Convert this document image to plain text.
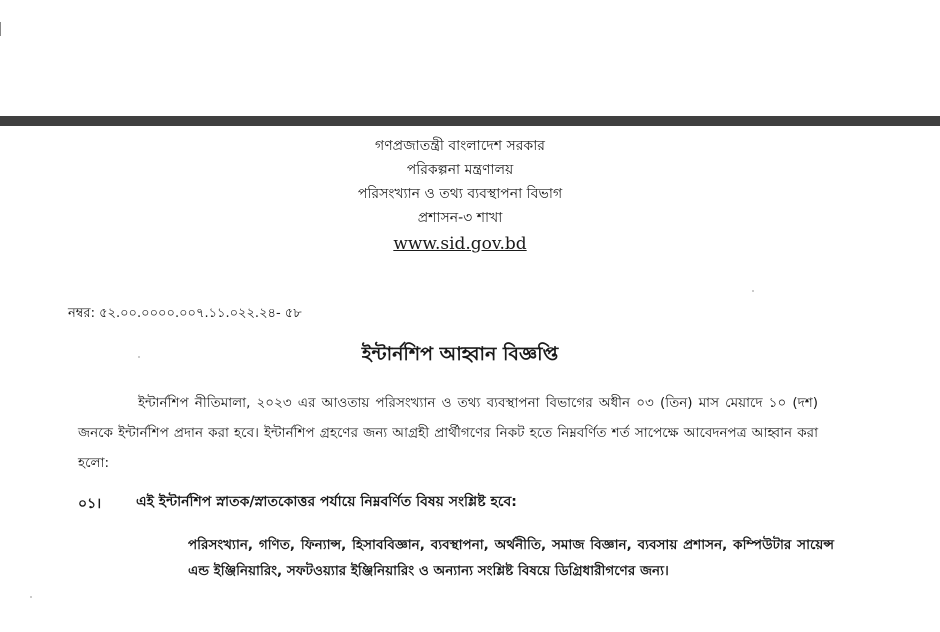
গণপ্রজাতন্ত্রী বাংলাদেশ সরকার
পরিকল্পনা মন্ত্রণালয়
পরিসংখ্যান ও তথ্য ব্যবস্থাপনা বিভাগ
প্রশাসন-৩ শাখা
www.sid.gov.bd
নম্বর: ৫২.০০.০০০০.০০৭.১১.০২২.২৪- ৫৮
ইন্টার্নশিপ আহ্বান বিজ্ঞপ্তি
ইন্টার্নশিপ নীতিমালা, ২০২৩ এর আওতায় পরিসংখ্যান ও তথ্য ব্যবস্থাপনা বিভাগের অধীন ০৩ (তিন) মাস মেয়াদে ১০ (দশ) জনকে ইন্টার্নশিপ প্রদান করা হবে। ইন্টার্নশিপ গ্রহণের জন্য আগ্রহী প্রার্থীগণের নিকট হতে নিম্নবর্ণিত শর্ত সাপেক্ষে আবেদনপত্র আহ্বান করা হলো:
০১। এই ইন্টার্নশিপ স্নাতক/স্নাতকোত্তর পর্যায়ে নিম্নবর্ণিত বিষয় সংশ্লিষ্ট হবে:
পরিসংখ্যান, গণিত, ফিন্যান্স, হিসাববিজ্ঞান, ব্যবস্থাপনা, অর্থনীতি, সমাজ বিজ্ঞান, ব্যবসায় প্রশাসন, কম্পিউটার সায়েন্স এন্ড ইঞ্জিনিয়ারিং, সফটওয়্যার ইঞ্জিনিয়ারিং ও অন্যান্য সংশ্লিষ্ট বিষয়ে ডিগ্রিধারীগণের জন্য।
